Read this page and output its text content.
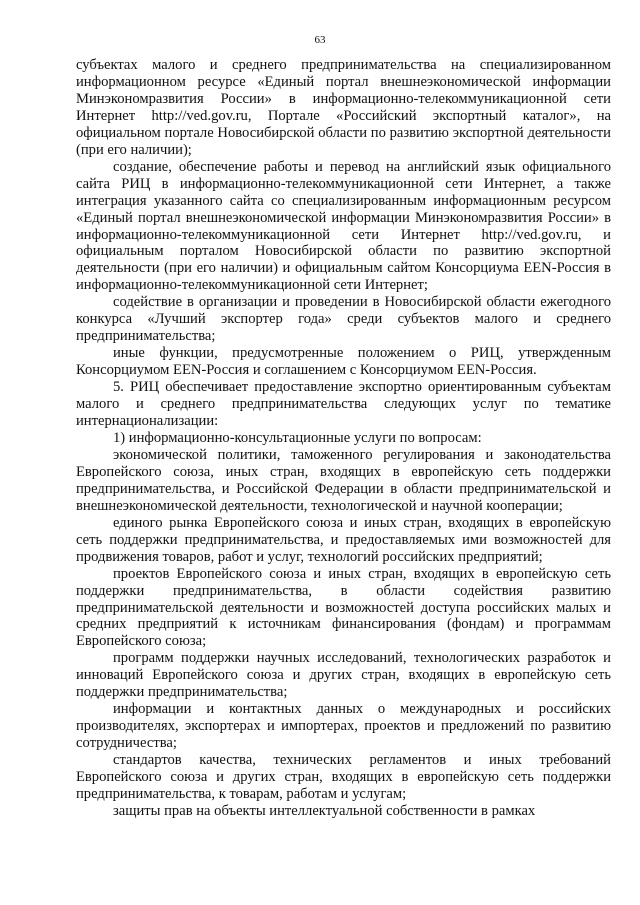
63

субъектах малого и среднего предпринимательства на специализированном информационном ресурсе «Единый портал внешнеэкономической информации Минэкономразвития России» в информационно-телекоммуникационной сети Интернет http://ved.gov.ru, Портале «Российский экспортный каталог», на официальном портале Новосибирской области по развитию экспортной деятельности (при его наличии);

создание, обеспечение работы и перевод на английский язык официального сайта РИЦ в информационно-телекоммуникационной сети Интернет, а также интеграция указанного сайта со специализированным информационным ресурсом «Единый портал внешнеэкономической информации Минэкономразвития России» в информационно-телекоммуникационной сети Интернет http://ved.gov.ru, и официальным порталом Новосибирской области по развитию экспортной деятельности (при его наличии) и официальным сайтом Консорциума EEN-Россия в информационно-телекоммуникационной сети Интернет;

содействие в организации и проведении в Новосибирской области ежегодного конкурса «Лучший экспортер года» среди субъектов малого и среднего предпринимательства;

иные функции, предусмотренные положением о РИЦ, утвержденным Консорциумом EEN-Россия и соглашением с Консорциумом EEN-Россия.

5. РИЦ обеспечивает предоставление экспортно ориентированным субъектам малого и среднего предпринимательства следующих услуг по тематике интернационализации:

1) информационно-консультационные услуги по вопросам:

экономической политики, таможенного регулирования и законодательства Европейского союза, иных стран, входящих в европейскую сеть поддержки предпринимательства, и Российской Федерации в области предпринимательской и внешнеэкономической деятельности, технологической и научной кооперации;

единого рынка Европейского союза и иных стран, входящих в европейскую сеть поддержки предпринимательства, и предоставляемых ими возможностей для продвижения товаров, работ и услуг, технологий российских предприятий;

проектов Европейского союза и иных стран, входящих в европейскую сеть поддержки предпринимательства, в области содействия развитию предпринимательской деятельности и возможностей доступа российских малых и средних предприятий к источникам финансирования (фондам) и программам Европейского союза;

программ поддержки научных исследований, технологических разработок и инноваций Европейского союза и других стран, входящих в европейскую сеть поддержки предпринимательства;

информации и контактных данных о международных и российских производителях, экспортерах и импортерах, проектов и предложений по развитию сотрудничества;

стандартов качества, технических регламентов и иных требований Европейского союза и других стран, входящих в европейскую сеть поддержки предпринимательства, к товарам, работам и услугам;

защиты прав на объекты интеллектуальной собственности в рамках
